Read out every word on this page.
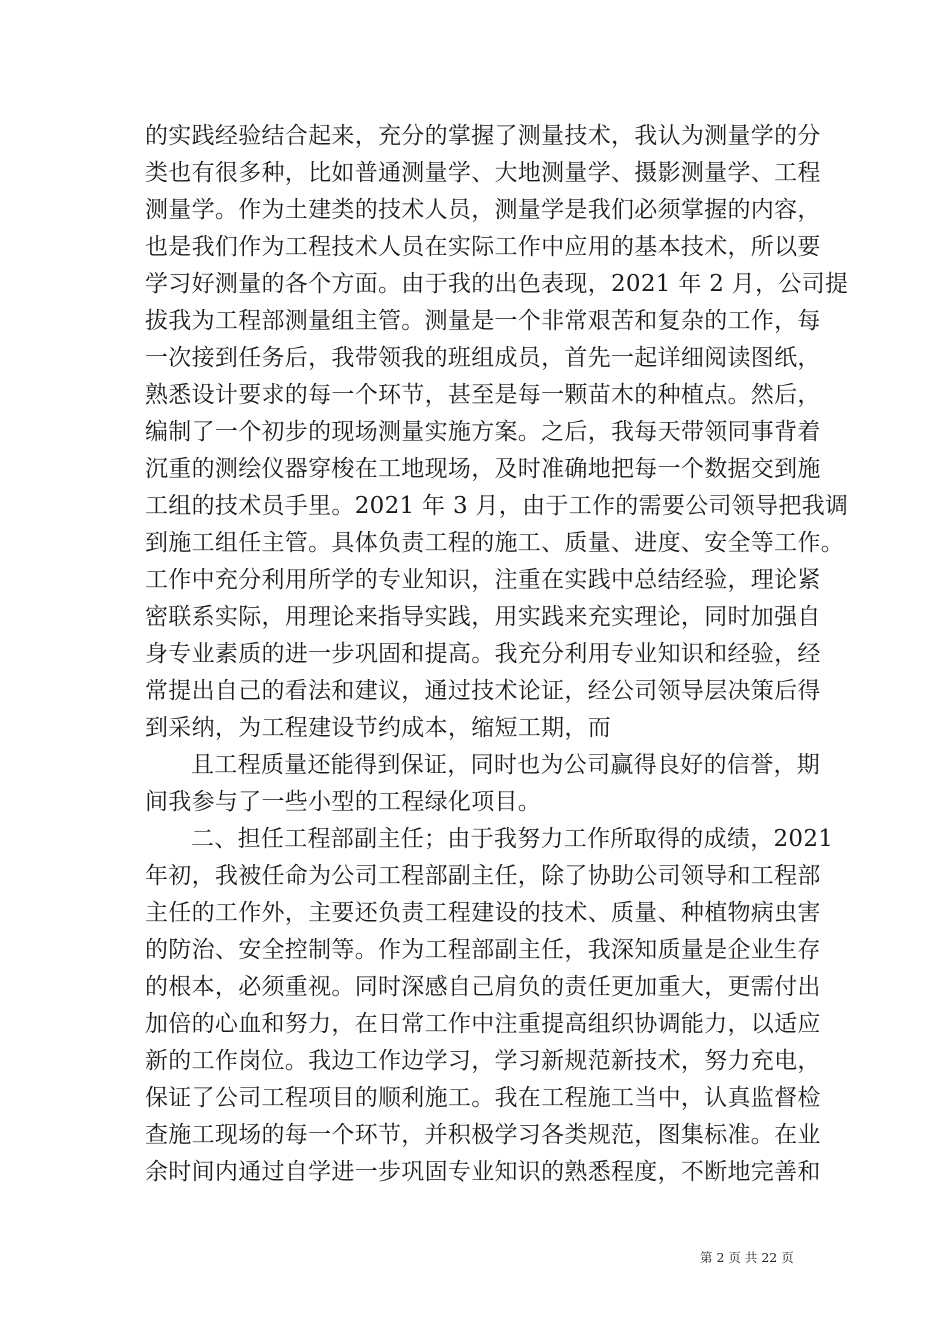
的实践经验结合起来，充分的掌握了测量技术，我认为测量学的分
类也有很多种，比如普通测量学、大地测量学、摄影测量学、工程
测量学。作为土建类的技术人员，测量学是我们必须掌握的内容，
也是我们作为工程技术人员在实际工作中应用的基本技术，所以要
学习好测量的各个方面。由于我的出色表现，2021 年 2 月，公司提
拔我为工程部测量组主管。测量是一个非常艰苦和复杂的工作，每
一次接到任务后，我带领我的班组成员，首先一起详细阅读图纸，
熟悉设计要求的每一个环节，甚至是每一颗苗木的种植点。然后，
编制了一个初步的现场测量实施方案。之后，我每天带领同事背着
沉重的测绘仪器穿梭在工地现场，及时准确地把每一个数据交到施
工组的技术员手里。2021 年 3 月，由于工作的需要公司领导把我调
到施工组任主管。具体负责工程的施工、质量、进度、安全等工作。
工作中充分利用所学的专业知识，注重在实践中总结经验，理论紧
密联系实际，用理论来指导实践，用实践来充实理论，同时加强自
身专业素质的进一步巩固和提高。我充分利用专业知识和经验，经
常提出自己的看法和建议，通过技术论证，经公司领导层决策后得
到采纳，为工程建设节约成本，缩短工期，而
且工程质量还能得到保证，同时也为公司赢得良好的信誉，期
间我参与了一些小型的工程绿化项目。
二、担任工程部副主任；由于我努力工作所取得的成绩，2021
年初，我被任命为公司工程部副主任，除了协助公司领导和工程部
主任的工作外，主要还负责工程建设的技术、质量、种植物病虫害
的防治、安全控制等。作为工程部副主任，我深知质量是企业生存
的根本，必须重视。同时深感自己肩负的责任更加重大，更需付出
加倍的心血和努力，在日常工作中注重提高组织协调能力，以适应
新的工作岗位。我边工作边学习，学习新规范新技术，努力充电，
保证了公司工程项目的顺利施工。我在工程施工当中，认真监督检
查施工现场的每一个环节，并积极学习各类规范，图集标准。在业
余时间内通过自学进一步巩固专业知识的熟悉程度，不断地完善和
第 2 页 共 22 页
